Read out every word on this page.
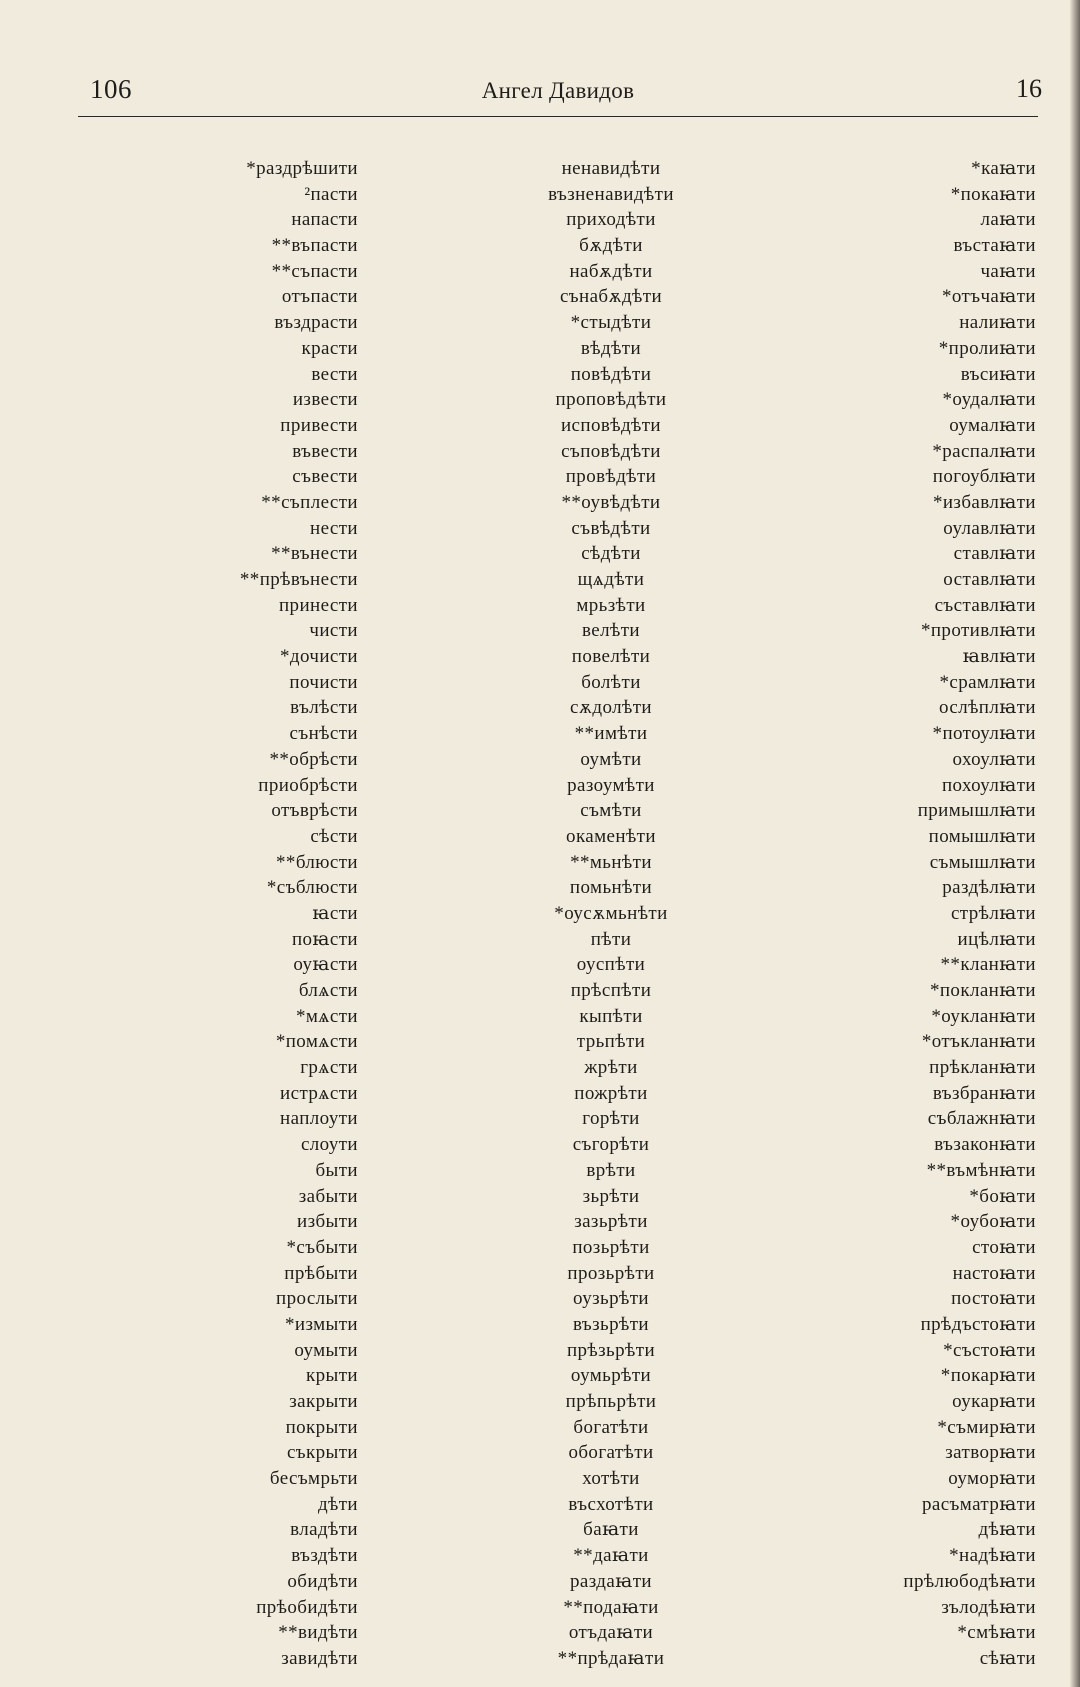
106	Ангел Давидов	16
*раздрѣшити
²пасти
напасти
**въпасти
**съпасти
отъпасти
въздрасти
красти
вести
извести
привести
въвести
съвести
**съплести
нести
**вънести
**прѣвънести
принести
чисти
*дочисти
почисти
вълѣсти
сънѣсти
**обрѣсти
приобрѣсти
отъврѣсти
сѣсти
**блюсти
*съблюсти
ꙗсти
поꙗсти
оуꙗсти
блѧсти
*мѧсти
*помѧсти
грѧсти
истрѧсти
наплоути
слоути
быти
забыти
избыти
*събыти
прѣбыти
прослыти
*измыти
оумыти
крыти
закрыти
покрыти
съкрыти
бесъмрьти
дѣти
владѣти
въздѣти
обидѣти
прѣобидѣти
**видѣти
завидѣти
ненавидѣти
възненавидѣти
приходѣти
бѫдѣти
набѫдѣти
сънабѫдѣти
*стыдѣти
вѣдѣти
повѣдѣти
проповѣдѣти
исповѣдѣти
съповѣдѣти
провѣдѣти
**оувѣдѣти
съвѣдѣти
сѣдѣти
щѧдѣти
мрьзѣти
велѣти
повелѣти
болѣти
сѫдолѣти
**имѣти
оумѣти
разоумѣти
съмѣти
окаменѣти
**мьнѣти
помьнѣти
*оусѫмьнѣти
пѣти
оуспѣти
прѣспѣти
кыпѣти
трьпѣти
жрѣти
пожрѣти
горѣти
съгорѣти
врѣти
зьрѣти
зазьрѣти
позьрѣти
прозьрѣти
оузьрѣти
възьрѣти
прѣзьрѣти
оумьрѣти
прѣпьрѣти
богатѣти
обогатѣти
хотѣти
въсхотѣти
баꙗти
**даꙗти
раздаꙗти
**подаꙗти
отъдаꙗти
**прѣдаꙗти
*каꙗти
*покаꙗти
лаꙗти
въстаꙗти
чаꙗти
*отъчаꙗти
налиꙗти
*пролиꙗти
въсиꙗти
*оудалꙗти
оумалꙗти
*распалꙗти
погоублꙗти
*избавлꙗти
оулавлꙗти
ставлꙗти
оставлꙗти
съставлꙗти
*противлꙗти
ꙗвлꙗти
*срамлꙗти
ослѣплꙗти
*потоулꙗти
охоулꙗти
похоулꙗти
примышлꙗти
помышлꙗти
съмышлꙗти
раздѣлꙗти
стрѣлꙗти
ицѣлꙗти
**кланꙗти
*покланꙗти
*оукланꙗти
*отъкланꙗти
прѣкланꙗти
възбранꙗти
съблажнꙗти
възаконꙗти
**въмѣнꙗти
*боꙗти
*оубоꙗти
стоꙗти
настоꙗти
постоꙗти
прѣдъстоꙗти
*състоꙗти
*покарꙗти
оукарꙗти
*съмирꙗти
затворꙗти
оуморꙗти
расъматрꙗти
дѣꙗти
*надѣꙗти
прѣлюбодѣꙗти
зълодѣꙗти
*смѣꙗти
сѣꙗти
